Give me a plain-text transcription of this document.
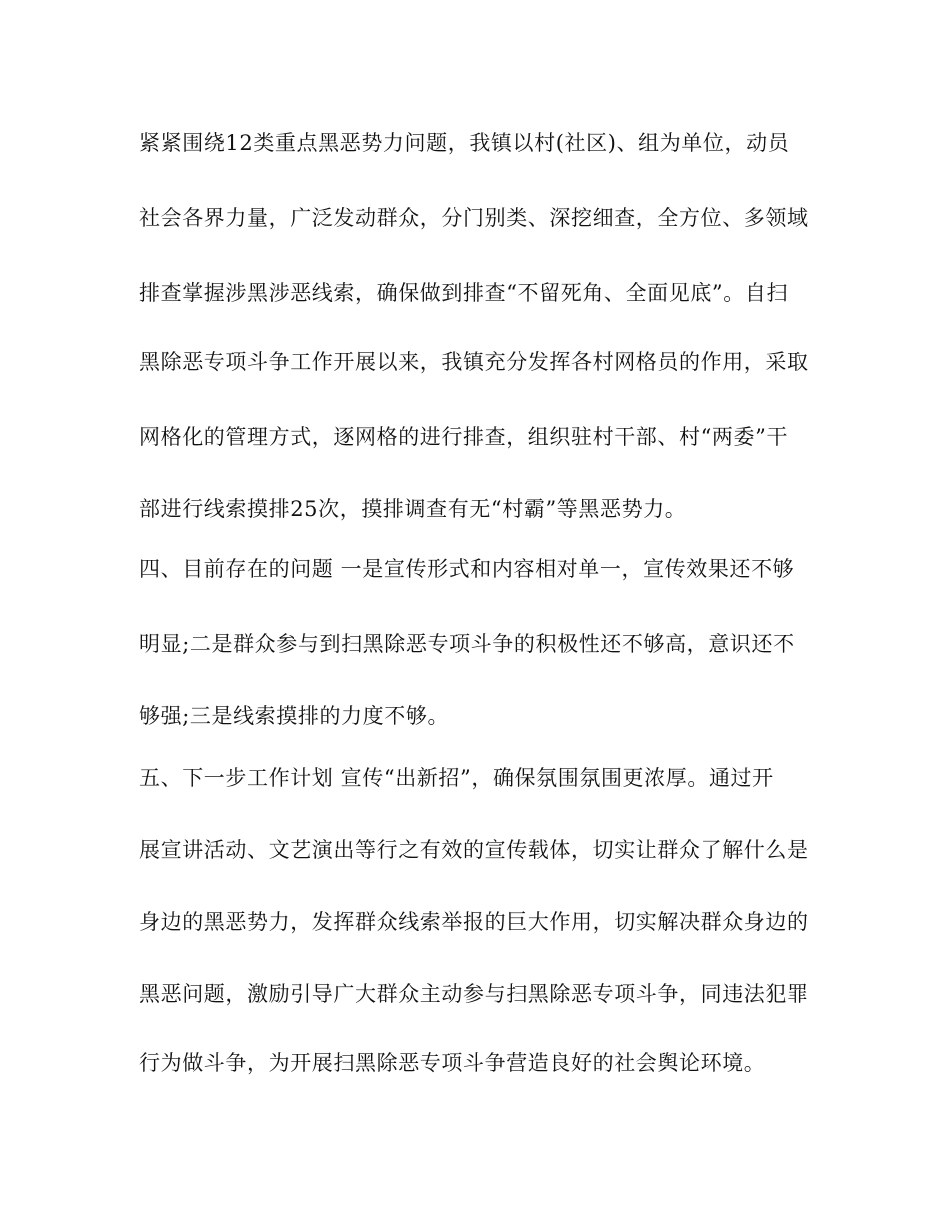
紧紧围绕12类重点黑恶势力问题，我镇以村(社区)、组为单位，动员
社会各界力量，广泛发动群众，分门别类、深挖细查，全方位、多领域
排查掌握涉黑涉恶线索，确保做到排查“不留死角、全面见底”。自扫
黑除恶专项斗争工作开展以来，我镇充分发挥各村网格员的作用，采取
网格化的管理方式，逐网格的进行排查，组织驻村干部、村“两委”干
部进行线索摸排25次，摸排调查有无“村霸”等黑恶势力。
四、目前存在的问题 一是宣传形式和内容相对单一，宣传效果还不够
明显;二是群众参与到扫黑除恶专项斗争的积极性还不够高，意识还不
够强;三是线索摸排的力度不够。
五、下一步工作计划 宣传“出新招”，确保氛围氛围更浓厚。通过开
展宣讲活动、文艺演出等行之有效的宣传载体，切实让群众了解什么是
身边的黑恶势力，发挥群众线索举报的巨大作用，切实解决群众身边的
黑恶问题，激励引导广大群众主动参与扫黑除恶专项斗争，同违法犯罪
行为做斗争，为开展扫黑除恶专项斗争营造良好的社会舆论环境。
